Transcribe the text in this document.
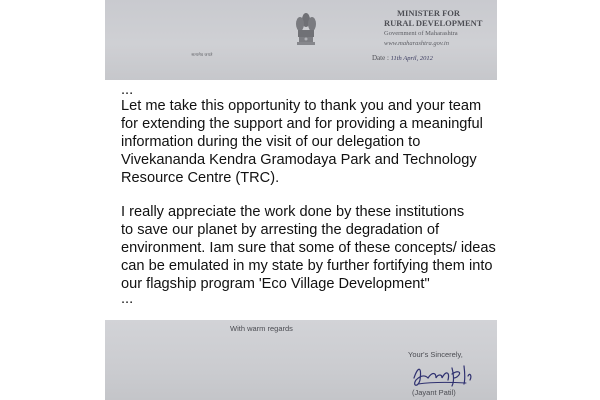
सत्यमेव जयते
MINISTER FOR
RURAL DEVELOPMENT
Government of Maharashtra
www.maharashtra.gov.in
Date : 11th April, 2012
...
Let me take this opportunity to thank you and your team
for extending the support and for providing a meaningful
information during the visit of our delegation to
Vivekananda Kendra Gramodaya Park and Technology
Resource Centre (TRC).
I really appreciate the work done by these institutions
to save our planet by arresting the degradation of
environment. Iam sure that some of these concepts/ ideas
can be emulated in my state by further fortifying them into
our flagship program 'Eco Village Development"
...
With warm regards
Your's Sincerely,
(Jayant Patil)
